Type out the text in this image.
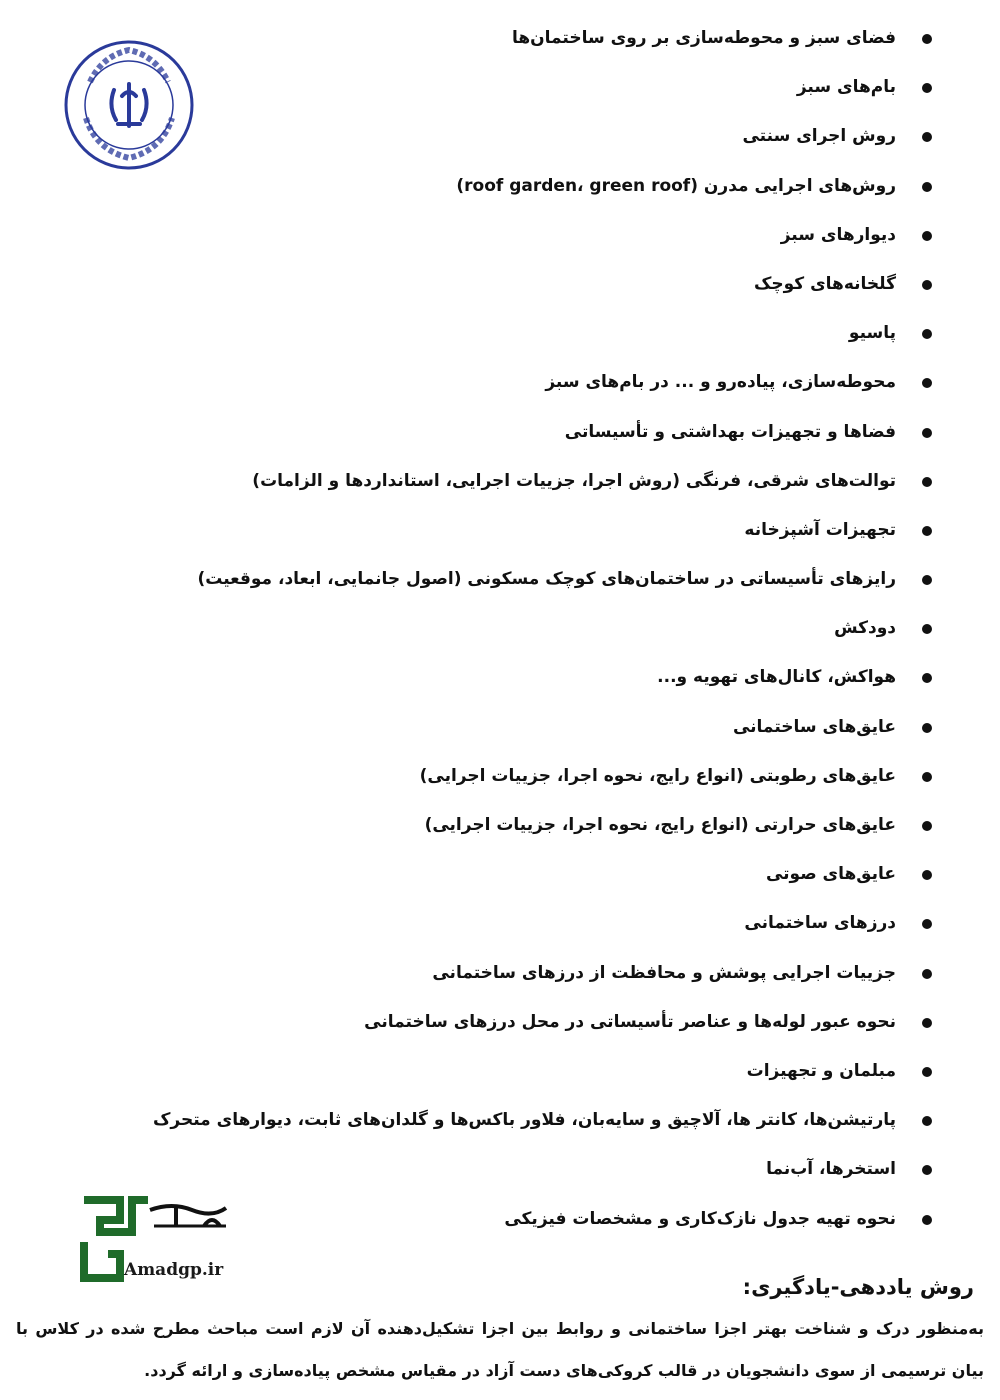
فضای سبز و محوطه‌سازی بر روی ساختمان‌ها
بام‌های سبز
روش اجرای سنتی
روش‌های اجرایی مدرن (roof garden، green roof)
دیوارهای سبز
گلخانه‌های کوچک
پاسیو
محوطه‌سازی، پیاده‌رو و ... در بام‌های سبز
فضاها و تجهیزات بهداشتی و تأسیساتی
توالت‌های شرقی، فرنگی (روش اجرا، جزییات اجرایی، استانداردها و الزامات)
تجهیزات آشپزخانه
رایزهای تأسیساتی در ساختمان‌های کوچک مسکونی (اصول جانمایی، ابعاد، موقعیت)
دودکش
هواکش، کانال‌های تهویه و...
عایق‌های ساختمانی
عایق‌های رطوبتی (انواع رایج، نحوه اجرا، جزییات اجرایی)
عایق‌های حرارتی (انواع رایج، نحوه اجرا، جزییات اجرایی)
عایق‌های صوتی
درزهای ساختمانی
جزییات اجرایی پوشش و محافظت از درزهای ساختمانی
نحوه عبور لوله‌ها و عناصر تأسیساتی در محل درزهای ساختمانی
مبلمان و تجهیزات
پارتیشن‌ها، کانتر ها، آلاچیق و سایه‌بان، فلاور باکس‌ها و گلدان‌های ثابت، دیوارهای متحرک
استخرها، آب‌نما
نحوه تهیه جدول نازک‌کاری و مشخصات فیزیکی
روش یاددهی-یادگیری:
به‌منظور درک و شناخت بهتر اجزا ساختمانی و روابط بین اجزا تشکیل‌دهنده آن لازم است مباحث مطرح شده در کلاس با بیان ترسیمی از سوی دانشجویان در قالب کروکی‌های دست آزاد در مقیاس مشخص پیاده‌سازی و ارائه گردد.
Amadgp.ir
